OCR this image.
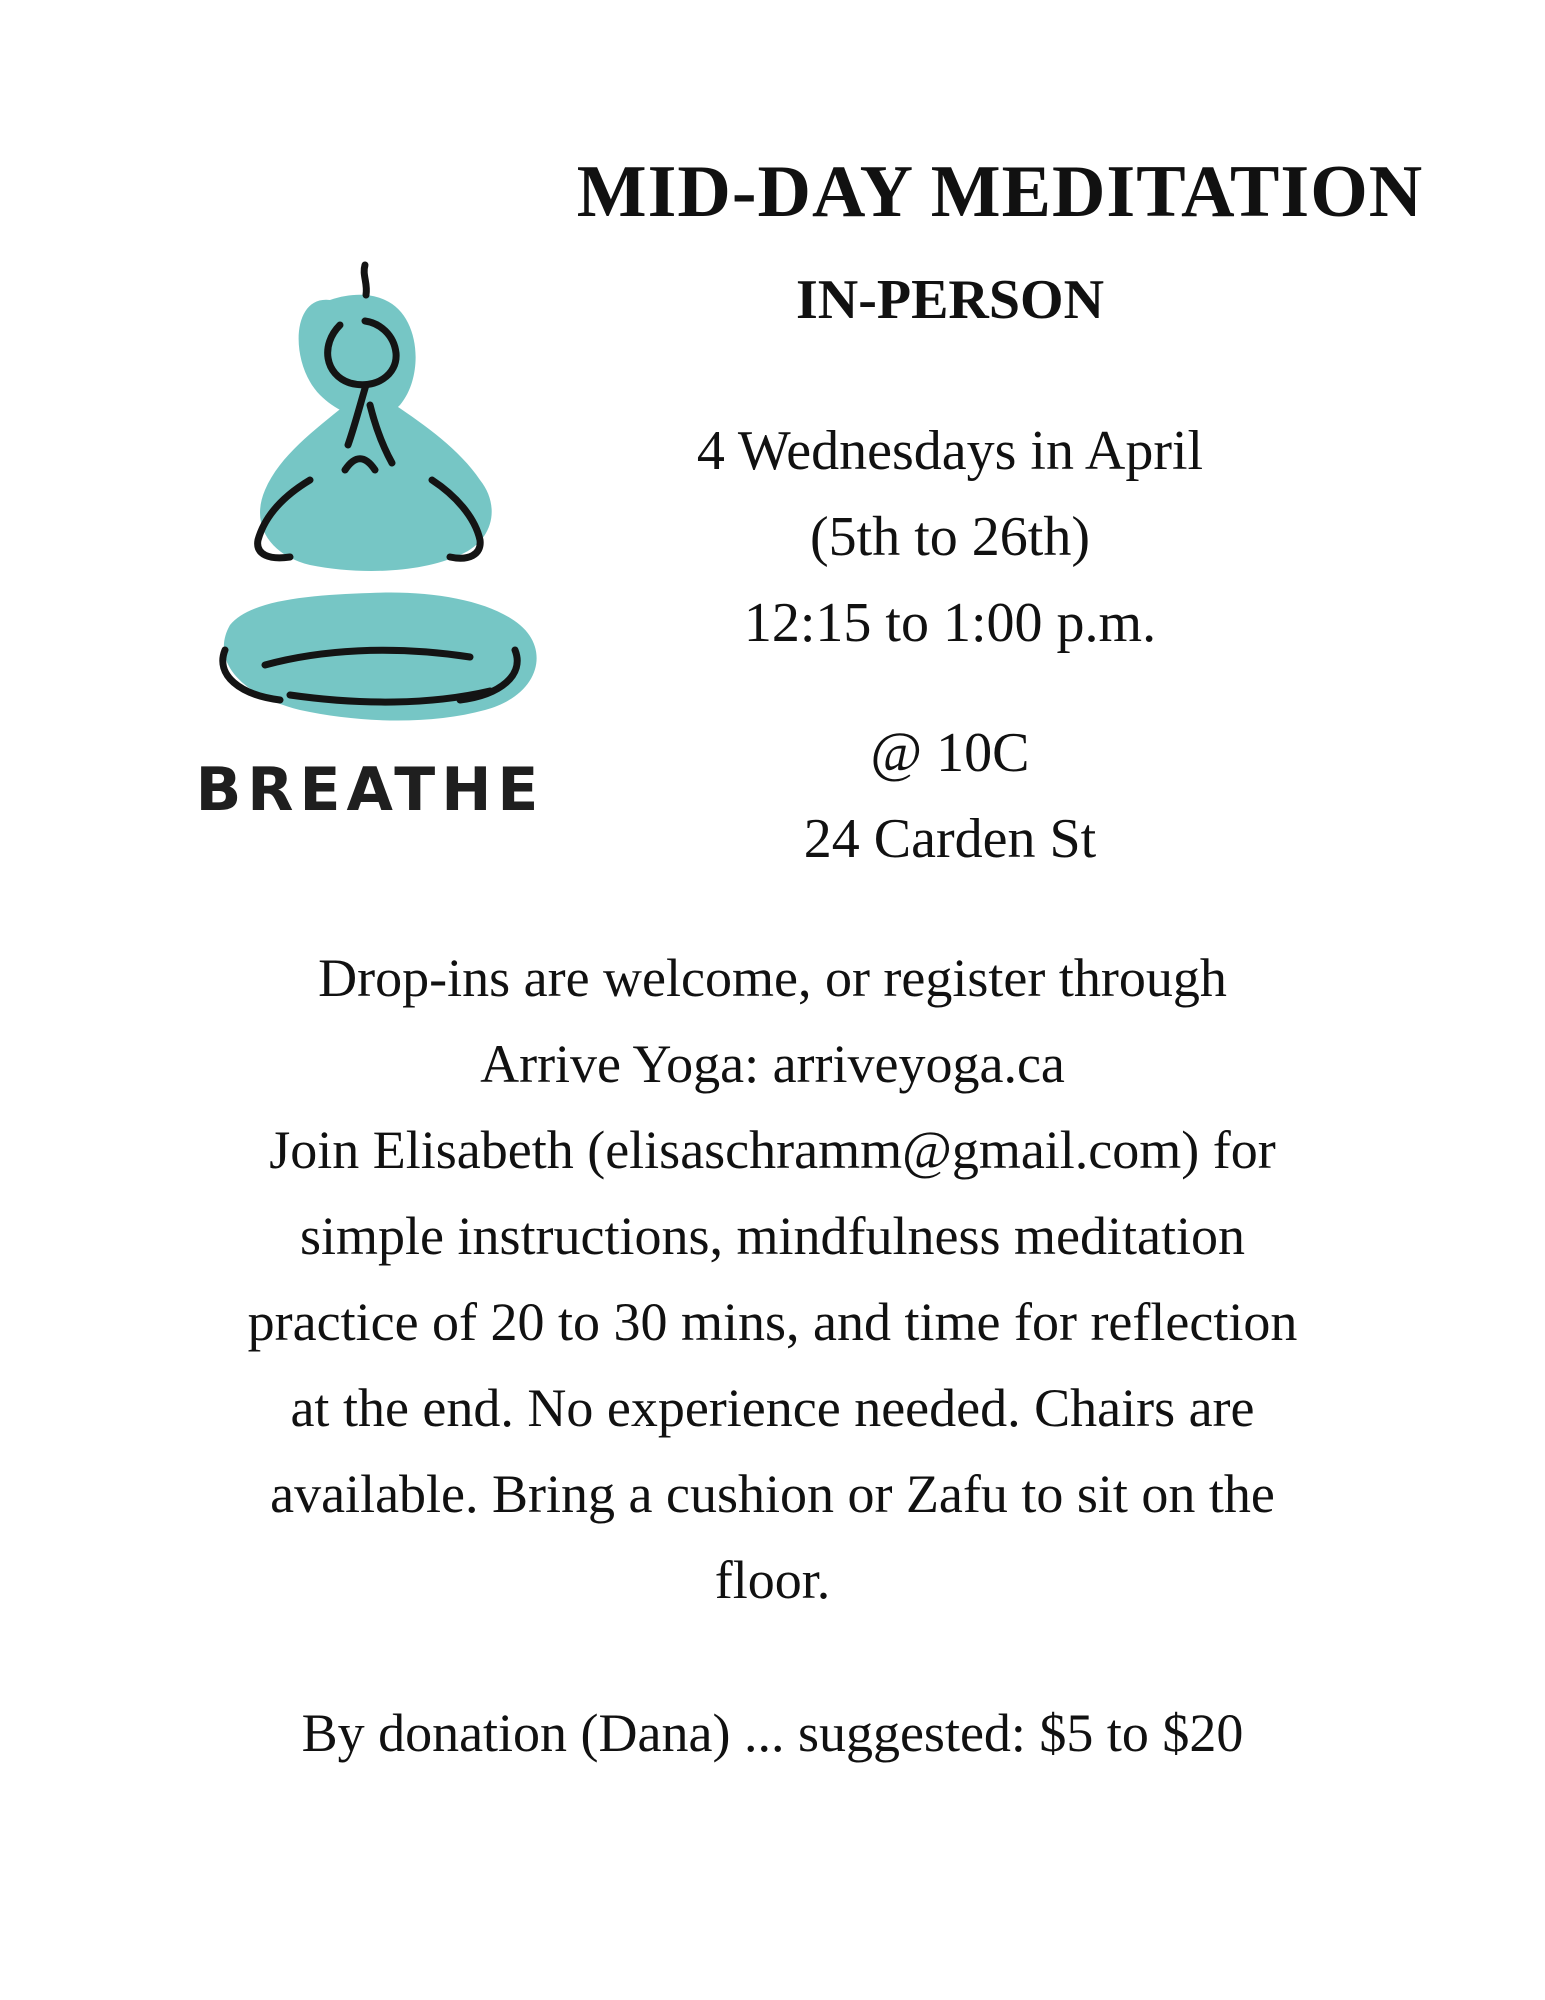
BREATHE
MID-DAY MEDITATION
IN-PERSON
4 Wednesdays in April
(5th to 26th)
12:15 to 1:00 p.m.
@ 10C
24 Carden St
Drop-ins are welcome, or register through
Arrive Yoga: arriveyoga.ca
Join Elisabeth (elisaschramm@gmail.com) for
simple instructions, mindfulness meditation
practice of 20 to 30 mins, and time for reflection
at the end. No experience needed. Chairs are
available. Bring a cushion or Zafu to sit on the
floor.
By donation (Dana) ... suggested: $5 to $20
